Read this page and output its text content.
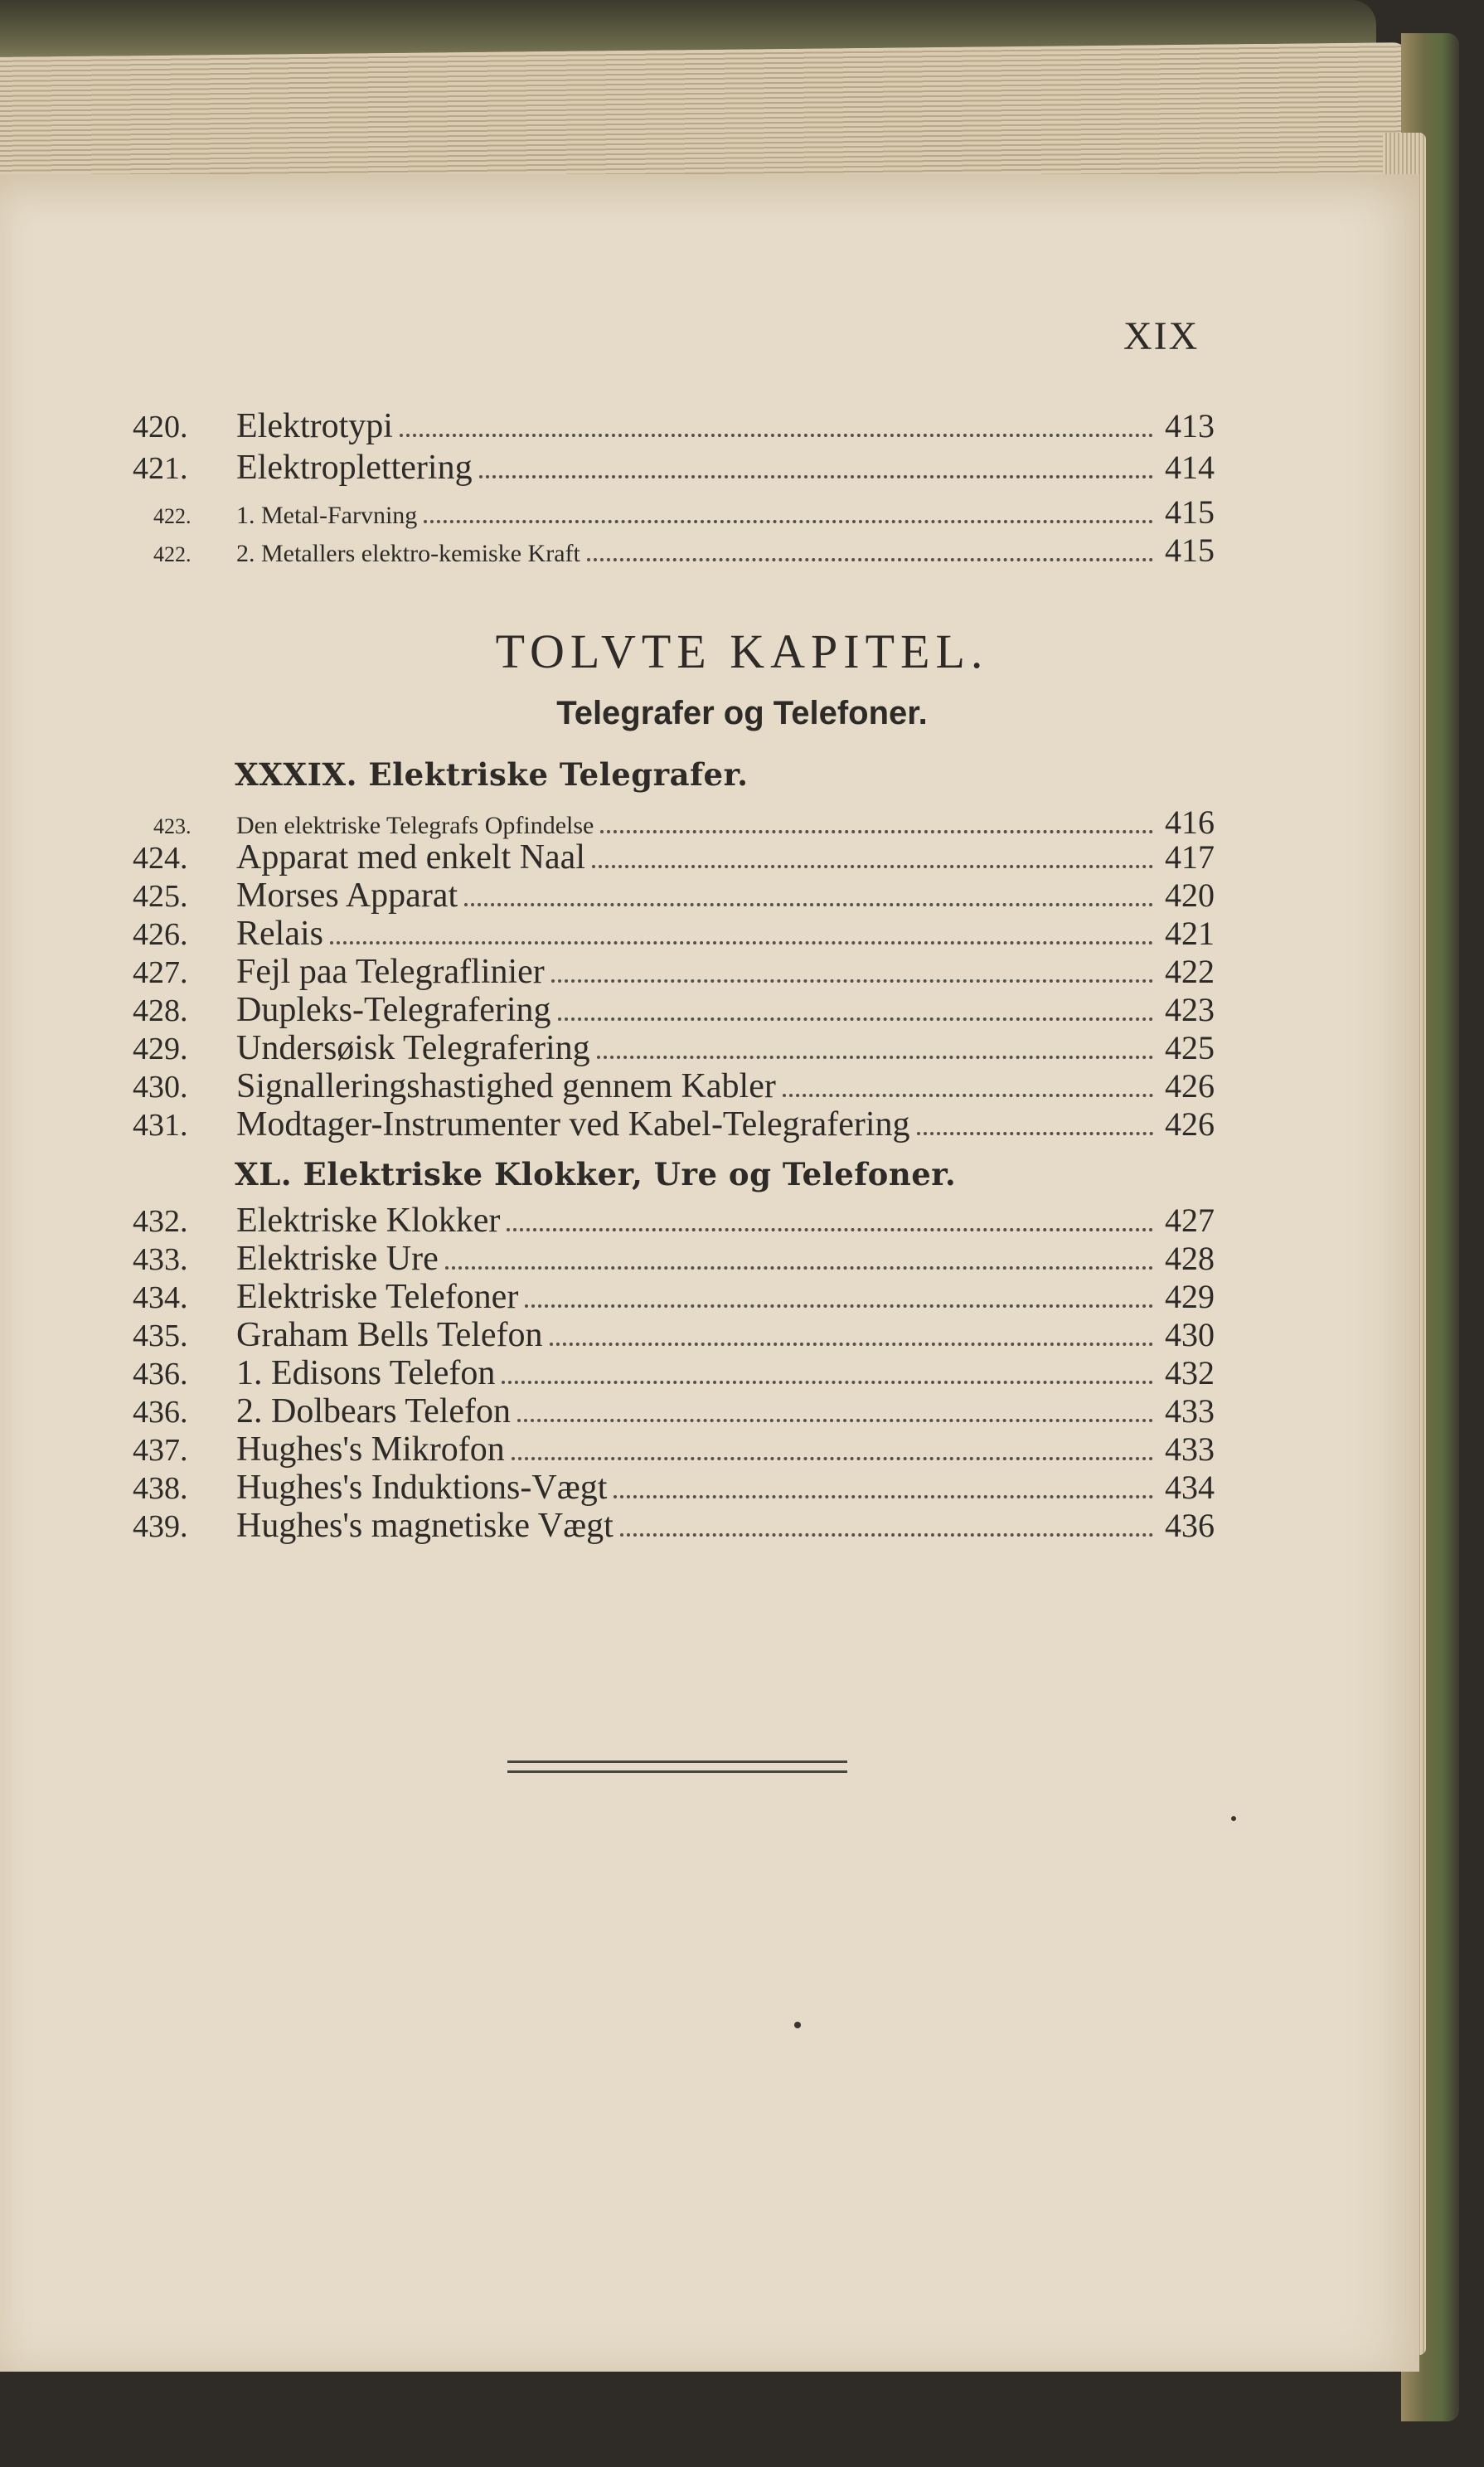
XIX
420.	Elektrotypi	413
421.	Elektroplettering	414
422.	1. Metal-Farvning	415
422.	2. Metallers elektro-kemiske Kraft	415
TOLVTE KAPITEL.
Telegrafer og Telefoner.
XXXIX. Elektriske Telegrafer.
423.	Den elektriske Telegrafs Opfindelse	416
424.	Apparat med enkelt Naal	417
425.	Morses Apparat	420
426.	Relais	421
427.	Fejl paa Telegraflinier	422
428.	Dupleks-Telegrafering	423
429.	Undersøisk Telegrafering	425
430.	Signalleringshastighed gennem Kabler	426
431.	Modtager-Instrumenter ved Kabel-Telegrafering	426
XL. Elektriske Klokker, Ure og Telefoner.
432.	Elektriske Klokker	427
433.	Elektriske Ure	428
434.	Elektriske Telefoner	429
435.	Graham Bells Telefon	430
436.	1. Edisons Telefon	432
436.	2. Dolbears Telefon	433
437.	Hughes's Mikrofon	433
438.	Hughes's Induktions-Vægt	434
439.	Hughes's magnetiske Vægt	436
